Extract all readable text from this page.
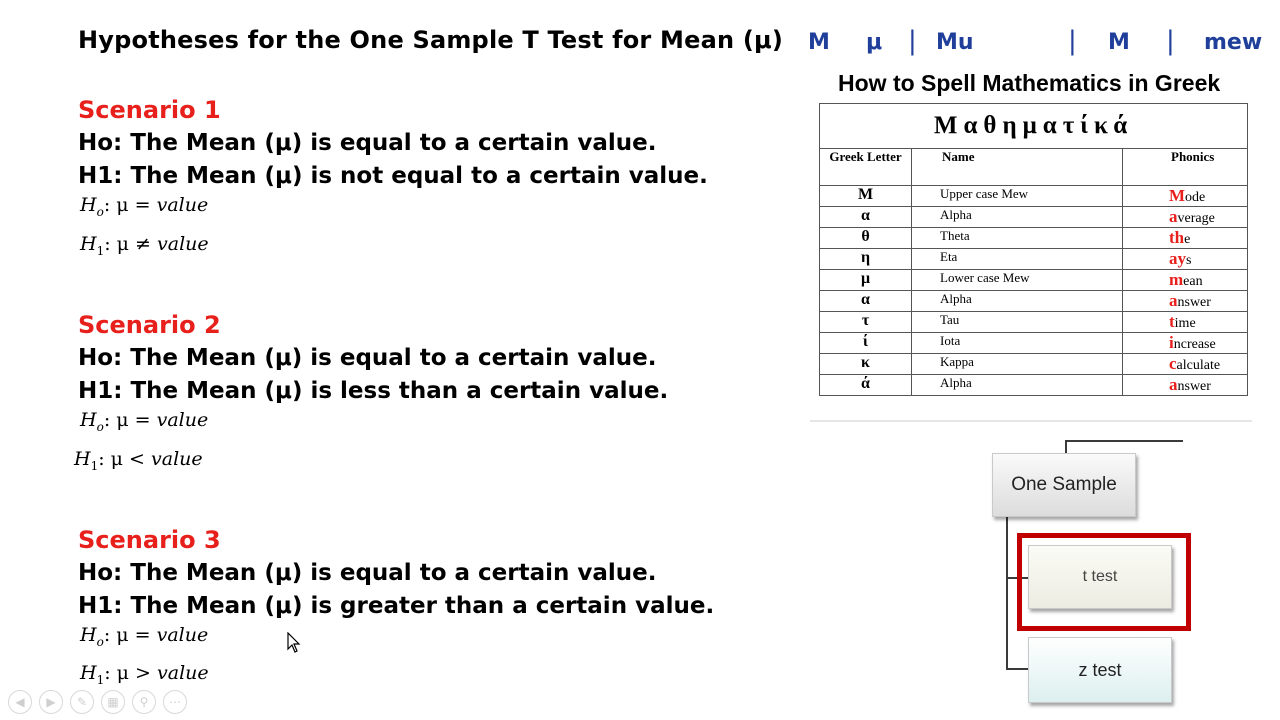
Hypotheses for the One Sample T Test for Mean (μ) M μ | Mu	| M | mew
Scenario 1
Ho: The Mean (μ) is equal to a certain value.
H1: The Mean (μ) is not equal to a certain value.
$H_o$: μ = value
$H_1$: μ ≠ value
Scenario 2
Ho: The Mean (μ) is equal to a certain value.
H1: The Mean (μ) is less than a certain value.
$H_o$: μ = value
$H_1$: μ < value
Scenario 3
Ho: The Mean (μ) is equal to a certain value.
H1: The Mean (μ) is greater than a certain value.
$H_o$: μ = value
$H_1$: μ > value
How to Spell Mathematics in Greek
Μαθηματίκά		
Greek Letter	Name	Phonics
Μ	Upper case Mew	Mode
α	Alpha	average
θ	Theta	the
η	Eta	ays
μ	Lower case Mew	mean
α	Alpha	answer
τ	Tau	time
ί	Iota	increase
κ	Kappa	calculate
ά	Alpha	answer
One Sample
t test
z test
◀	▶	✎	▦	⚲	⋯
